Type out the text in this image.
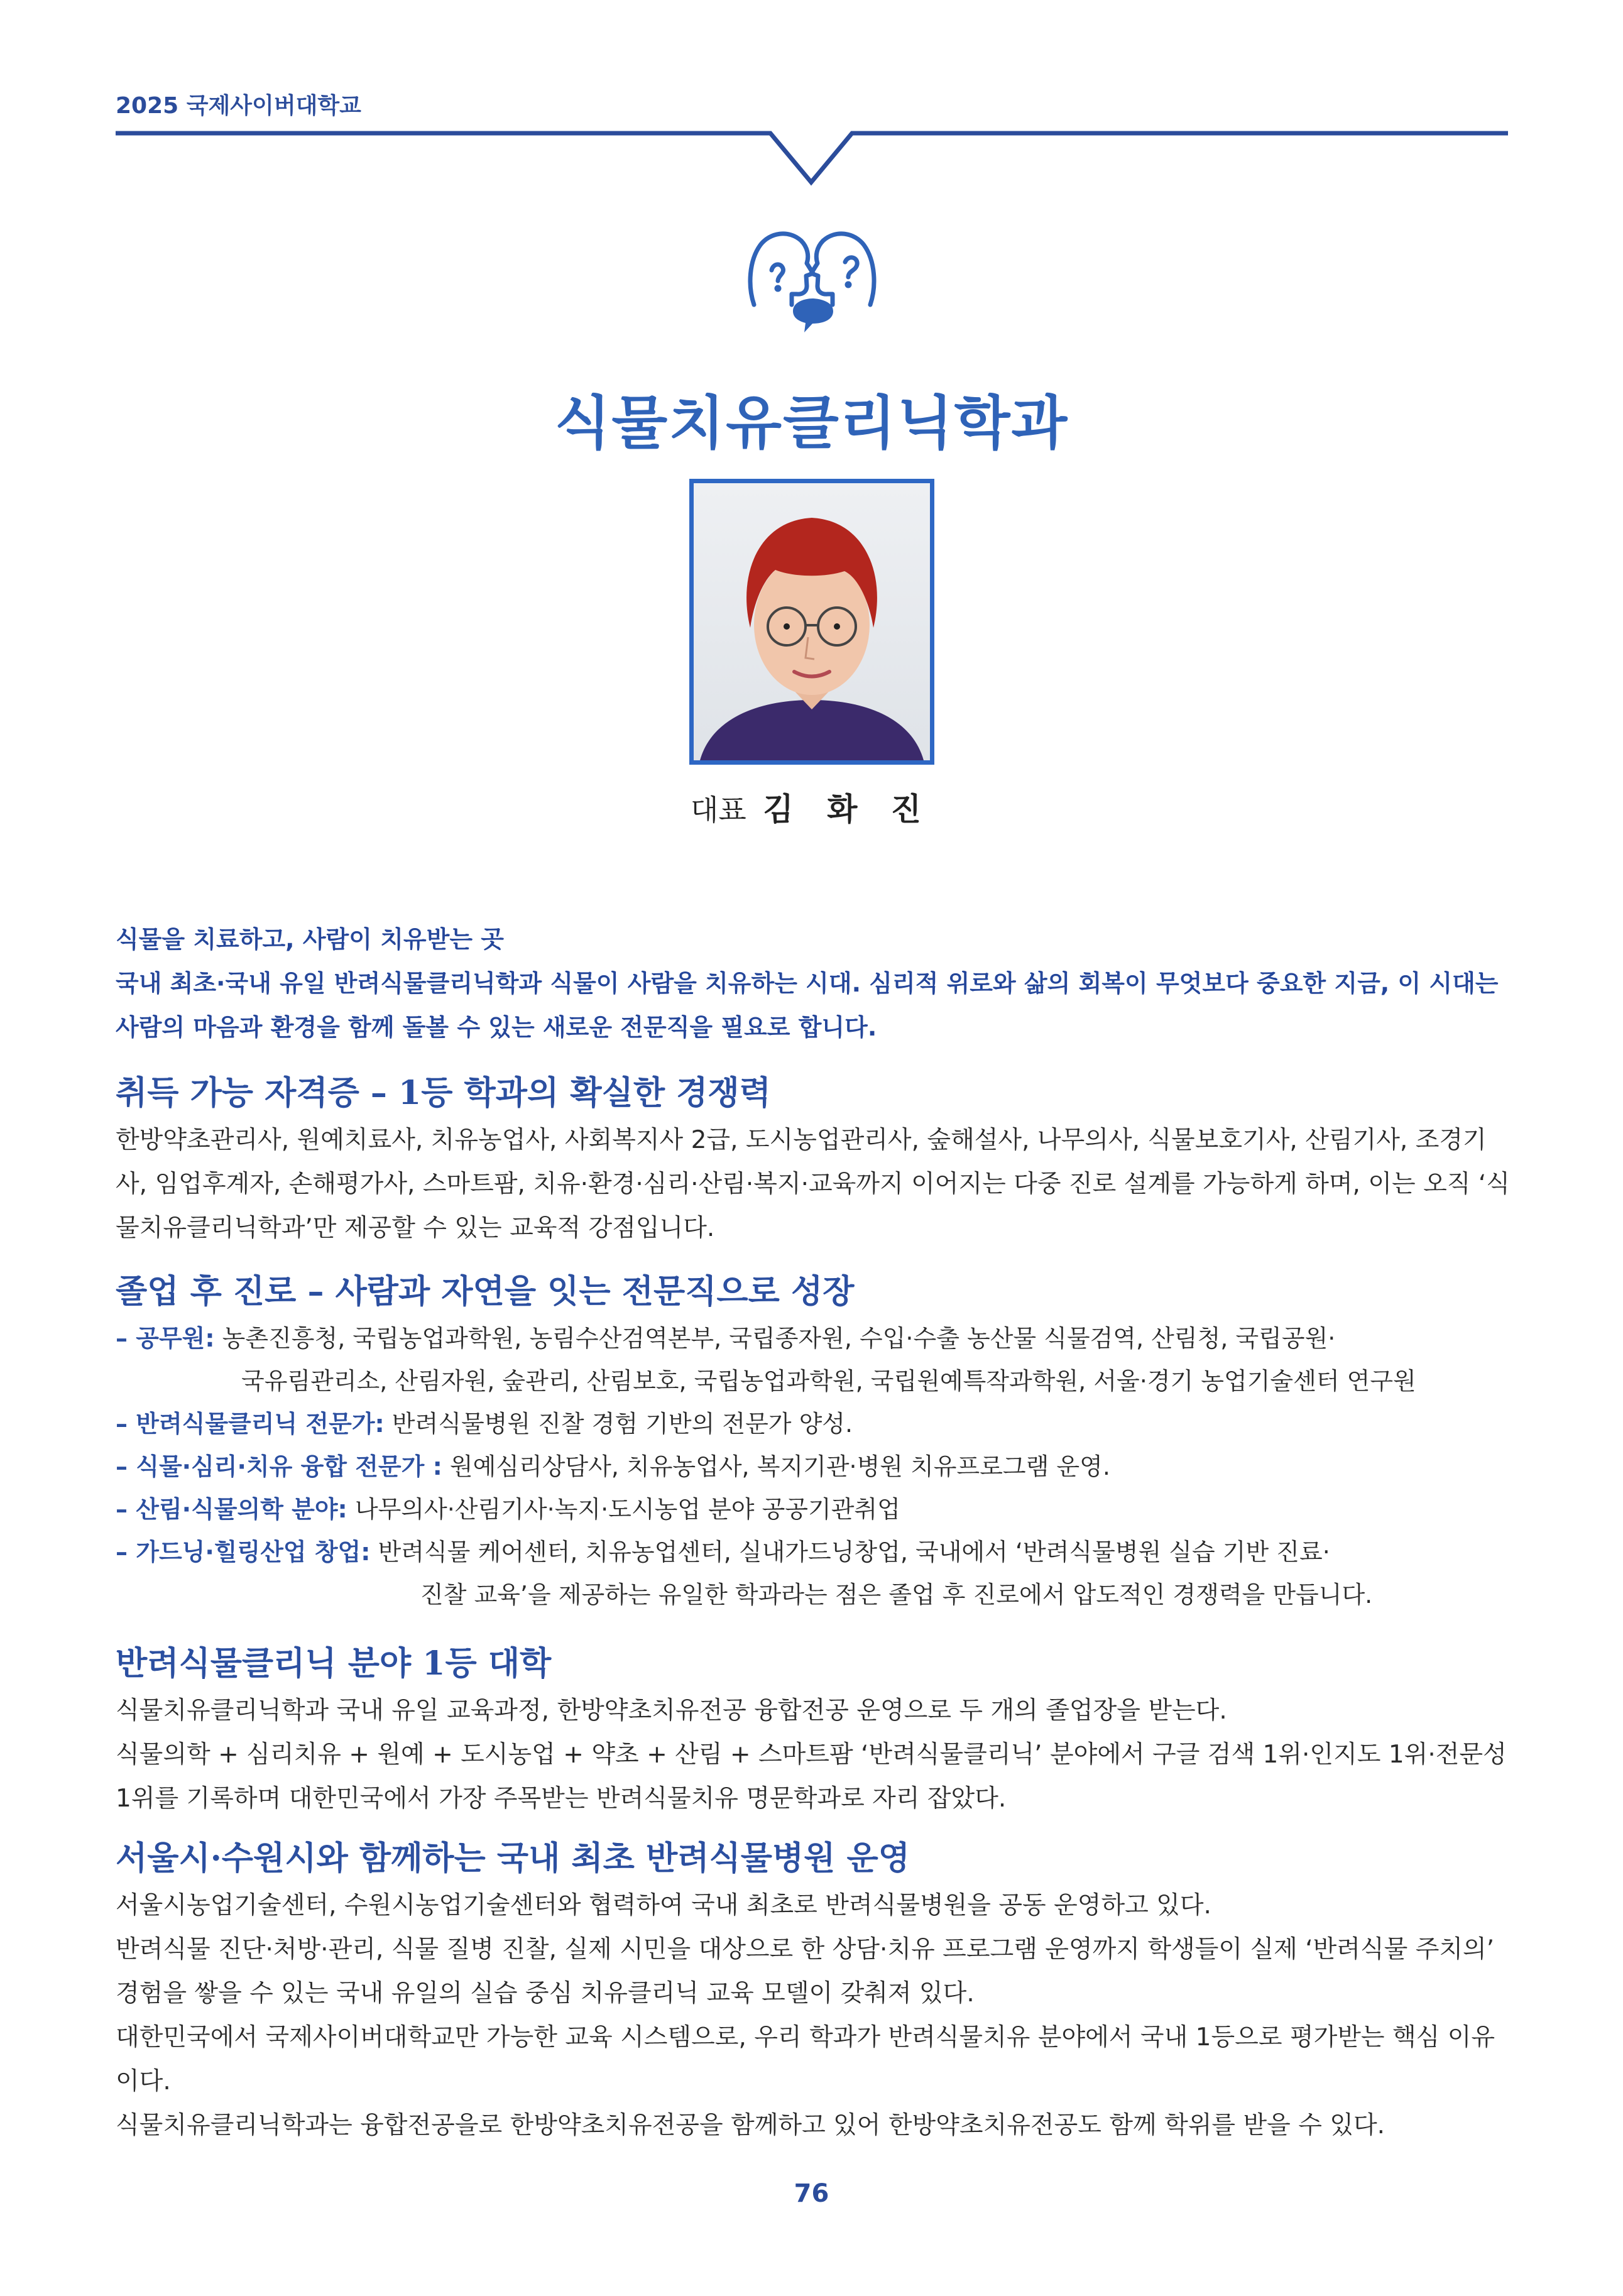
2025 국제사이버대학교
식물치유클리닉학과
대표 김 화 진
식물을 치료하고, 사람이 치유받는 곳
국내 최초·국내 유일 반려식물클리닉학과 식물이 사람을 치유하는 시대. 심리적 위로와 삶의 회복이 무엇보다 중요한 지금, 이 시대는 사람의 마음과 환경을 함께 돌볼 수 있는 새로운 전문직을 필요로 합니다.
취득 가능 자격증 – 1등 학과의 확실한 경쟁력
한방약초관리사, 원예치료사, 치유농업사, 사회복지사 2급, 도시농업관리사, 숲해설사, 나무의사, 식물보호기사, 산림기사, 조경기사, 임업후계자, 손해평가사, 스마트팜, 치유·환경·심리·산림·복지·교육까지 이어지는 다중 진로 설계를 가능하게 하며, 이는 오직 ‘식물치유클리닉학과’만 제공할 수 있는 교육적 강점입니다.
졸업 후 진로 – 사람과 자연을 잇는 전문직으로 성장
– 공무원: 농촌진흥청, 국립농업과학원, 농림수산검역본부, 국립종자원, 수입·수출 농산물 식물검역, 산림청, 국립공원·
국유림관리소, 산림자원, 숲관리, 산림보호, 국립농업과학원, 국립원예특작과학원, 서울·경기 농업기술센터 연구원
– 반려식물클리닉 전문가: 반려식물병원 진찰 경험 기반의 전문가 양성.
– 식물·심리·치유 융합 전문가 : 원예심리상담사, 치유농업사, 복지기관·병원 치유프로그램 운영.
– 산림·식물의학 분야: 나무의사·산림기사·녹지·도시농업 분야 공공기관취업
– 가드닝·힐링산업 창업: 반려식물 케어센터, 치유농업센터, 실내가드닝창업, 국내에서 ‘반려식물병원 실습 기반 진료·
진찰 교육’을 제공하는 유일한 학과라는 점은 졸업 후 진로에서 압도적인 경쟁력을 만듭니다.
반려식물클리닉 분야 1등 대학
식물치유클리닉학과 국내 유일 교육과정, 한방약초치유전공 융합전공 운영으로 두 개의 졸업장을 받는다.
식물의학 + 심리치유 + 원예 + 도시농업 + 약초 + 산림 + 스마트팜 ‘반려식물클리닉’ 분야에서 구글 검색 1위·인지도 1위·전문성 1위를 기록하며 대한민국에서 가장 주목받는 반려식물치유 명문학과로 자리 잡았다.
서울시·수원시와 함께하는 국내 최초 반려식물병원 운영
서울시농업기술센터, 수원시농업기술센터와 협력하여 국내 최초로 반려식물병원을 공동 운영하고 있다.
반려식물 진단·처방·관리, 식물 질병 진찰, 실제 시민을 대상으로 한 상담·치유 프로그램 운영까지 학생들이 실제 ‘반려식물 주치의’ 경험을 쌓을 수 있는 국내 유일의 실습 중심 치유클리닉 교육 모델이 갖춰져 있다.
대한민국에서 국제사이버대학교만 가능한 교육 시스템으로, 우리 학과가 반려식물치유 분야에서 국내 1등으로 평가받는 핵심 이유이다.
식물치유클리닉학과는 융합전공을로 한방약초치유전공을 함께하고 있어 한방약초치유전공도 함께 학위를 받을 수 있다.
76
